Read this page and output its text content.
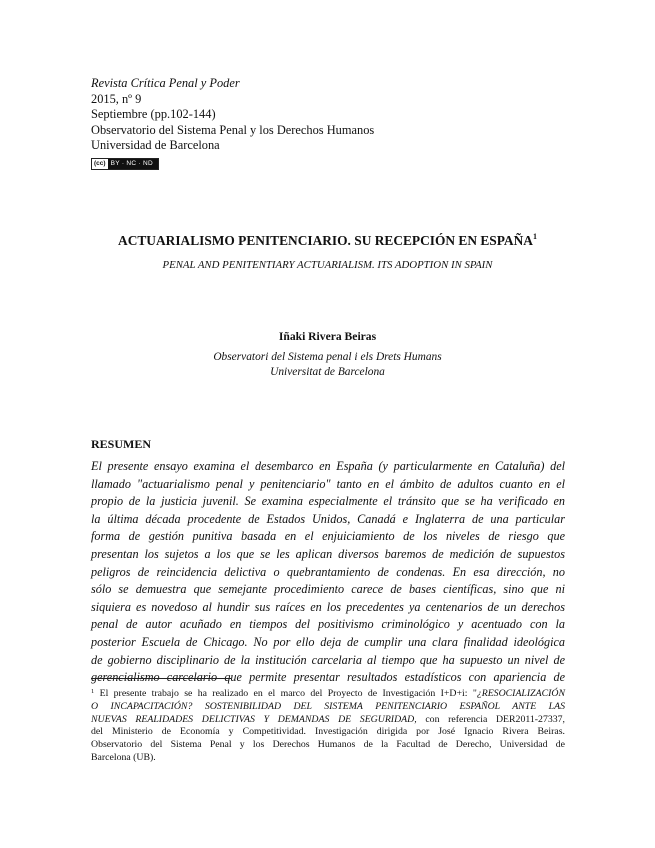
Revista Crítica Penal y Poder
2015, nº 9
Septiembre (pp.102-144)
Observatorio del Sistema Penal y los Derechos Humanos
Universidad de Barcelona
(cc) BY · NC · ND
ACTUARIALISMO PENITENCIARIO. SU RECEPCIÓN EN ESPAÑA$^1$
PENAL AND PENITENTIARY ACTUARIALISM. ITS ADOPTION IN SPAIN
Iñaki Rivera Beiras
Observatori del Sistema penal i els Drets Humans
Universitat de Barcelona
RESUMEN
El presente ensayo examina el desembarco en España (y particularmente en Cataluña) del
llamado "actuarialismo penal y penitenciario" tanto en el ámbito de adultos cuanto en el
propio de la justicia juvenil. Se examina especialmente el tránsito que se ha verificado en
la última década procedente de Estados Unidos, Canadá e Inglaterra de una particular
forma de gestión punitiva basada en el enjuiciamiento de los niveles de riesgo que
presentan los sujetos a los que se les aplican diversos baremos de medición de supuestos
peligros de reincidencia delictiva o quebrantamiento de condenas. En esa dirección, no
sólo se demuestra que semejante procedimiento carece de bases científicas, sino que ni
siquiera es novedoso al hundir sus raíces en los precedentes ya centenarios de un derechos
penal de autor acuñado en tiempos del positivismo criminológico y acentuado con la
posterior Escuela de Chicago. No por ello deja de cumplir una clara finalidad ideológica
de gobierno disciplinario de la institución carcelaria al tiempo que ha supuesto un nivel de
gerencialismo carcelario que permite presentar resultados estadísticos con apariencia de
$^1$ El presente trabajo se ha realizado en el marco del Proyecto de Investigación I+D+i: "¿RESOCIALIZACIÓN
O INCAPACITACIÓN? SOSTENIBILIDAD DEL SISTEMA PENITENCIARIO ESPAÑOL ANTE LAS
NUEVAS REALIDADES DELICTIVAS Y DEMANDAS DE SEGURIDAD, con referencia DER2011-27337,
del Ministerio de Economía y Competitividad. Investigación dirigida por José Ignacio Rivera Beiras.
Observatorio del Sistema Penal y los Derechos Humanos de la Facultad de Derecho, Universidad de
Barcelona (UB).
